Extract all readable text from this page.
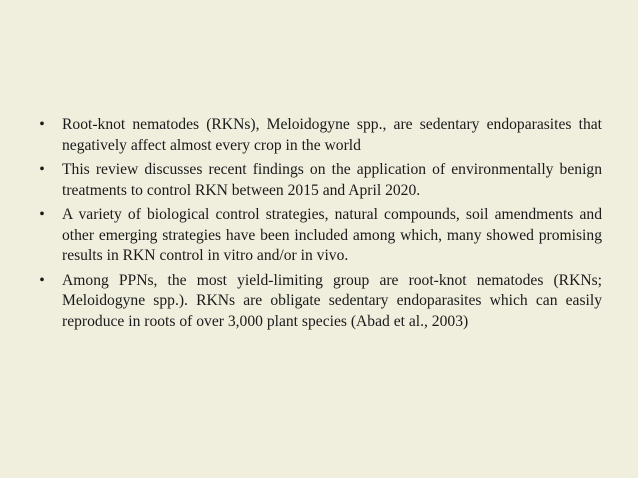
•	Root-knot nematodes (RKNs), Meloidogyne spp., are sedentary endoparasites that negatively affect almost every crop in the world
•	This review discusses recent findings on the application of environmentally benign treatments to control RKN between 2015 and April 2020.
•	A variety of biological control strategies, natural compounds, soil amendments and other emerging strategies have been included among which, many showed promising results in RKN control in vitro and/or in vivo.
•	Among PPNs, the most yield-limiting group are root-knot nematodes (RKNs; Meloidogyne spp.). RKNs are obligate sedentary endoparasites which can easily reproduce in roots of over 3,000 plant species (Abad et al., 2003)
